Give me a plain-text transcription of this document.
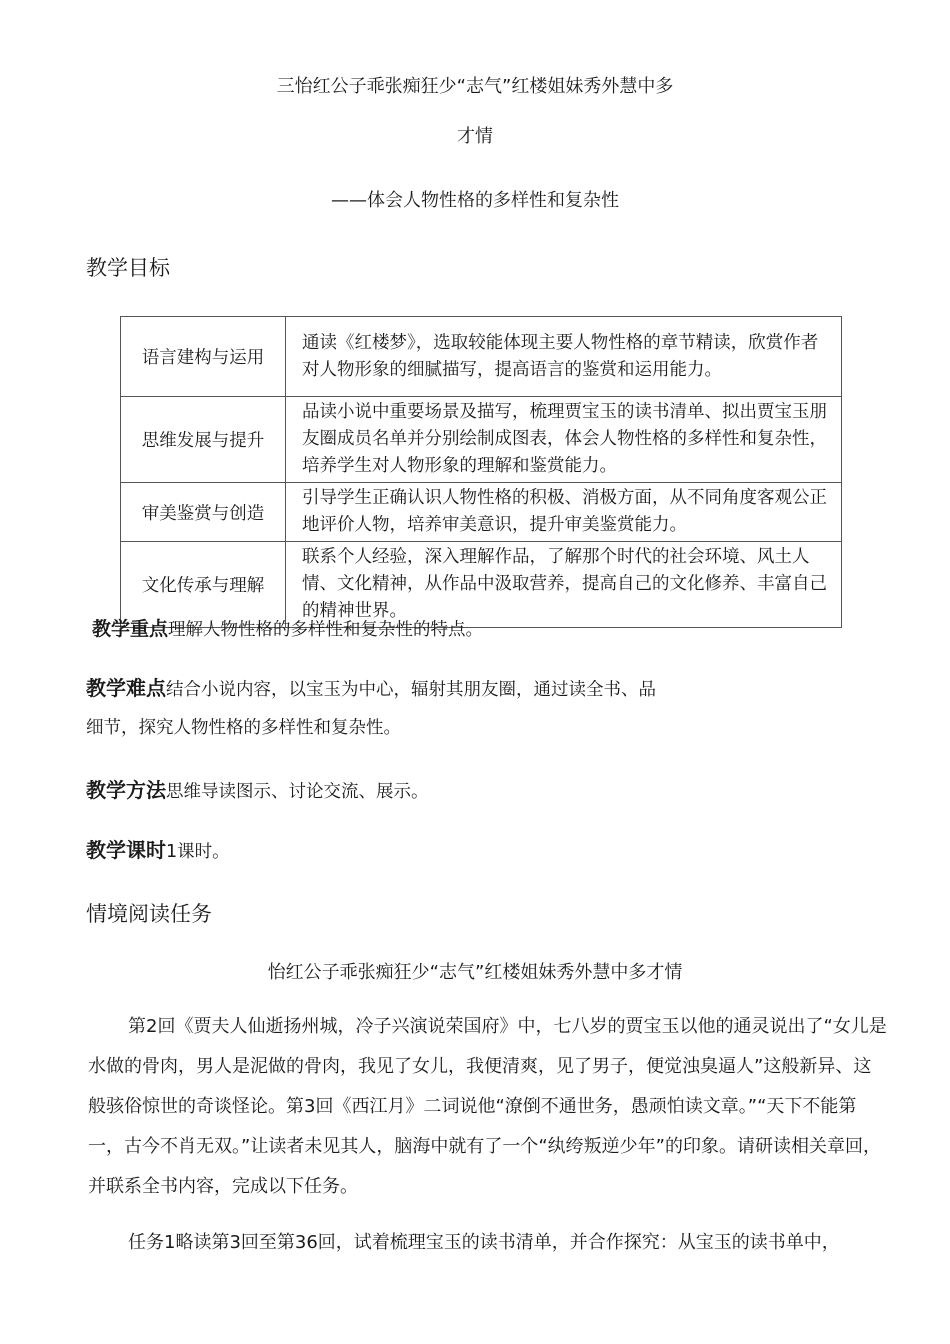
三怡红公子乖张痴狂少“志气”红楼姐妹秀外慧中多
才情
——体会人物性格的多样性和复杂性
教学目标
语言建构与运用	通读《红楼梦》，选取较能体现主要人物性格的章节精读，欣赏作者对人物形象的细腻描写，提高语言的鉴赏和运用能力。
思维发展与提升	品读小说中重要场景及描写，梳理贾宝玉的读书清单、拟出贾宝玉朋友圈成员名单并分别绘制成图表，体会人物性格的多样性和复杂性，培养学生对人物形象的理解和鉴赏能力。
审美鉴赏与创造	引导学生正确认识人物性格的积极、消极方面，从不同角度客观公正地评价人物，培养审美意识，提升审美鉴赏能力。
文化传承与理解	联系个人经验，深入理解作品，了解那个时代的社会环境、风土人情、文化精神，从作品中汲取营养，提高自己的文化修养、丰富自己的精神世界。
教学重点理解人物性格的多样性和复杂性的特点。
教学难点结合小说内容，以宝玉为中心，辐射其朋友圈，通过读全书、品
细节，探究人物性格的多样性和复杂性。
教学方法思维导读图示、讨论交流、展示。
教学课时1课时。
情境阅读任务
怡红公子乖张痴狂少“志气”红楼姐妹秀外慧中多才情
第2回《贾夫人仙逝扬州城，冷子兴演说荣国府》中，七八岁的贾宝玉以他的通灵说出了“女儿是水做的骨肉，男人是泥做的骨肉，我见了女儿，我便清爽，见了男子，便觉浊臭逼人”这般新异、这般骇俗惊世的奇谈怪论。第3回《西江月》二词说他“潦倒不通世务，愚顽怕读文章。”“天下不能第一，古今不肖无双。”让读者未见其人，脑海中就有了一个“纨绔叛逆少年”的印象。请研读相关章回，并联系全书内容，完成以下任务。
任务1略读第3回至第36回，试着梳理宝玉的读书清单，并合作探究：从宝玉的读书单中，
